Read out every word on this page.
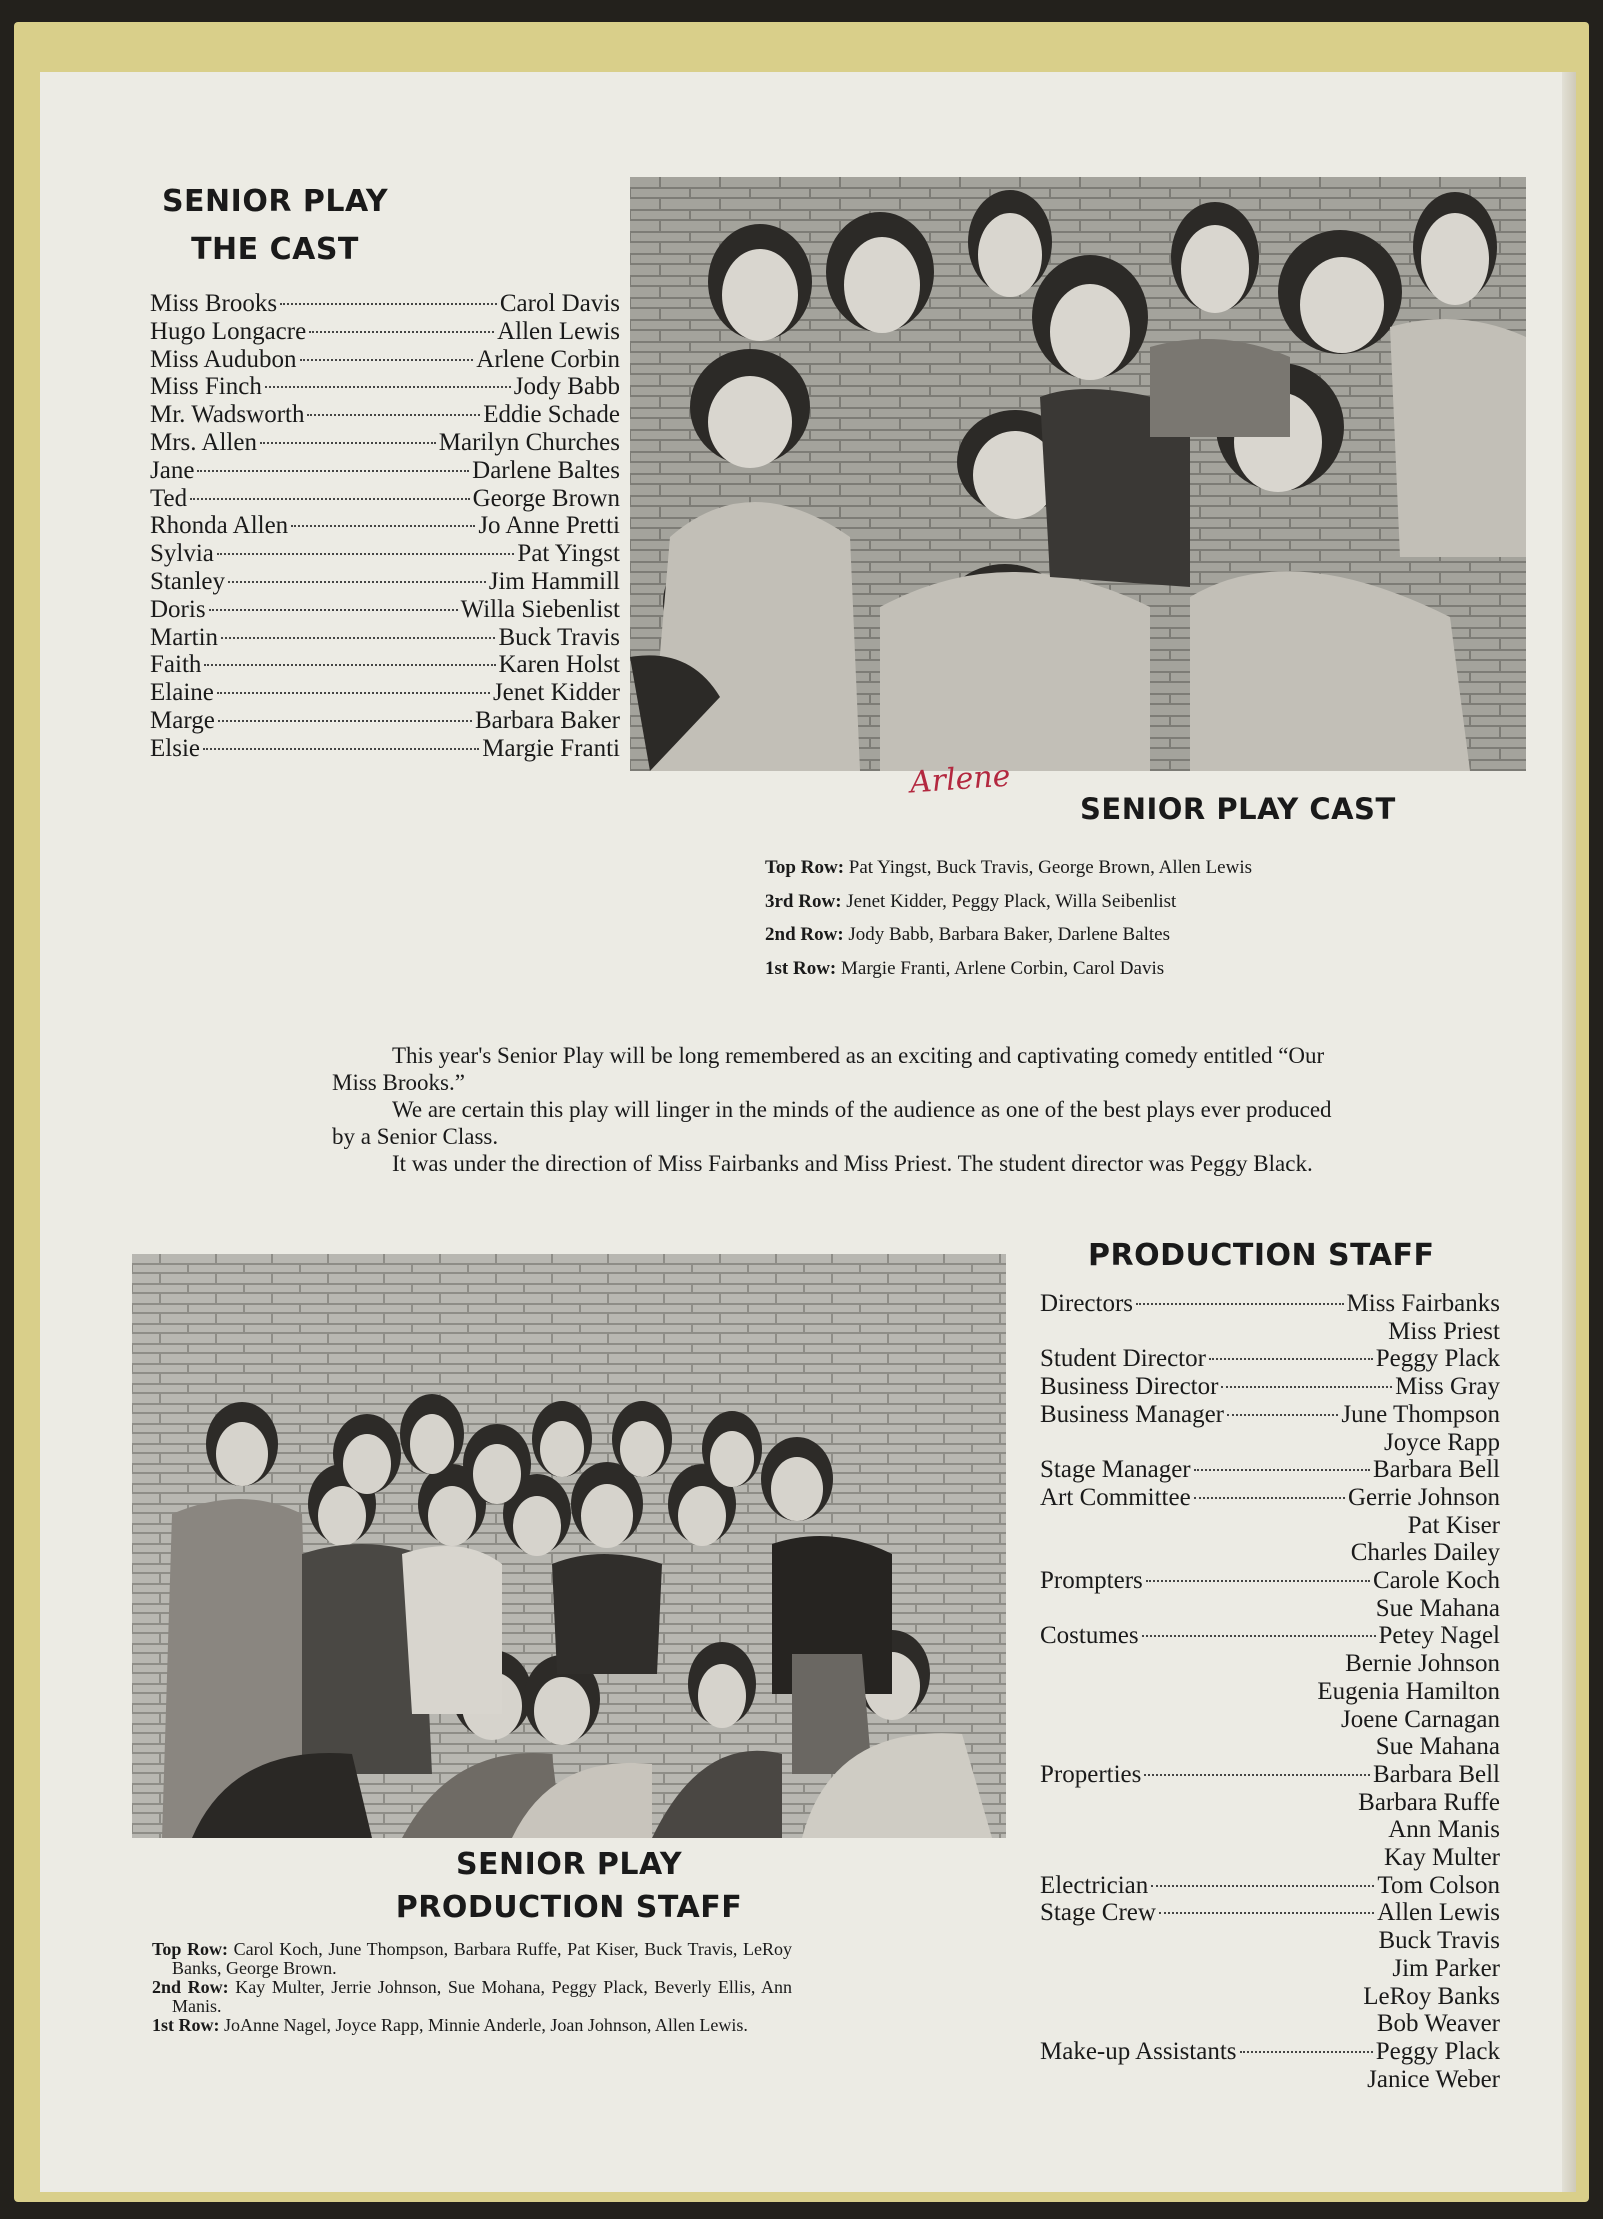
SENIOR PLAY
THE CAST
Arlene
SENIOR PLAY CAST

This year's Senior Play will be long remembered as an exciting and captivating comedy entitled “Our Miss Brooks.”

We are certain this play will linger in the minds of the audience as one of the best plays ever produced by a Senior Class.

It was under the direction of Miss Fairbanks and Miss Priest. The student director was Peggy Black.

SENIOR PLAY
PRODUCTION STAFF
PRODUCTION STAFF
Miss Brooks	Carol Davis
Hugo Longacre	Allen Lewis
Miss Audubon	Arlene Corbin
Miss Finch	Jody Babb
Mr. Wadsworth	Eddie Schade
Mrs. Allen	Marilyn Churches
Jane	Darlene Baltes
Ted	George Brown
Rhonda Allen	Jo Anne Pretti
Sylvia	Pat Yingst
Stanley	Jim Hammill
Doris	Willa Siebenlist
Martin	Buck Travis
Faith	Karen Holst
Elaine	Jenet Kidder
Marge	Barbara Baker
Elsie	Margie Franti
Directors	Miss Fairbanks
Miss Priest
Student Director	Peggy Plack
Business Director	Miss Gray
Business Manager	June Thompson
Joyce Rapp
Stage Manager	Barbara Bell
Art Committee	Gerrie Johnson
Pat Kiser
Charles Dailey
Prompters	Carole Koch
Sue Mahana
Costumes	Petey Nagel
Bernie Johnson
Eugenia Hamilton
Joene Carnagan
Sue Mahana
Properties	Barbara Bell
Barbara Ruffe
Ann Manis
Kay Multer
Electrician	Tom Colson
Stage Crew	Allen Lewis
Buck Travis
Jim Parker
LeRoy Banks
Bob Weaver
Make-up Assistants	Peggy Plack
Janice Weber
Top Row: Pat Yingst, Buck Travis, George Brown, Allen Lewis
3rd Row: Jenet Kidder, Peggy Plack, Willa Seibenlist
2nd Row: Jody Babb, Barbara Baker, Darlene Baltes
1st Row: Margie Franti, Arlene Corbin, Carol Davis
Top Row: Carol Koch, June Thompson, Barbara Ruffe, Pat Kiser, Buck Travis, LeRoy Banks, George Brown.
2nd Row: Kay Multer, Jerrie Johnson, Sue Mohana, Peggy Plack, Beverly Ellis, Ann Manis.
1st Row: JoAnne Nagel, Joyce Rapp, Minnie Anderle, Joan Johnson, Allen Lewis.
